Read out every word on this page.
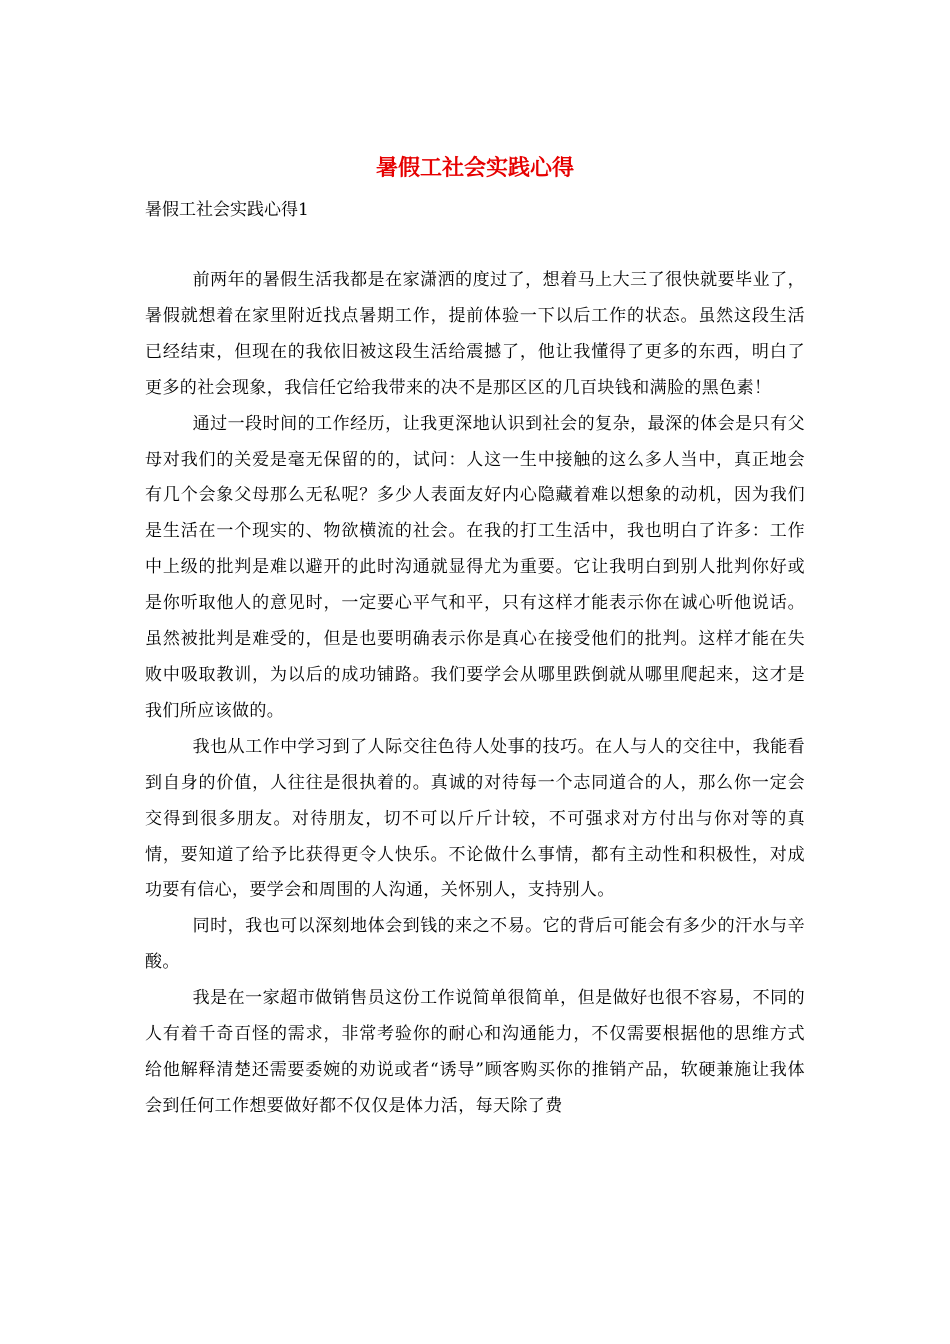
暑假工社会实践心得

暑假工社会实践心得1

前两年的暑假生活我都是在家潇洒的度过了，想着马上大三了很快就要毕业了，暑假就想着在家里附近找点暑期工作，提前体验一下以后工作的状态。虽然这段生活已经结束，但现在的我依旧被这段生活给震撼了，他让我懂得了更多的东西，明白了更多的社会现象，我信任它给我带来的决不是那区区的几百块钱和满脸的黑色素！

通过一段时间的工作经历，让我更深地认识到社会的复杂，最深的体会是只有父母对我们的关爱是毫无保留的的，试问：人这一生中接触的这么多人当中，真正地会有几个会象父母那么无私呢？多少人表面友好内心隐藏着难以想象的动机，因为我们是生活在一个现实的、物欲横流的社会。在我的打工生活中，我也明白了许多：工作中上级的批判是难以避开的此时沟通就显得尤为重要。它让我明白到别人批判你好或是你听取他人的意见时，一定要心平气和平，只有这样才能表示你在诚心听他说话。虽然被批判是难受的，但是也要明确表示你是真心在接受他们的批判。这样才能在失败中吸取教训，为以后的成功铺路。我们要学会从哪里跌倒就从哪里爬起来，这才是我们所应该做的。

我也从工作中学习到了人际交往色待人处事的技巧。在人与人的交往中，我能看到自身的价值，人往往是很执着的。真诚的对待每一个志同道合的人，那么你一定会交得到很多朋友。对待朋友，切不可以斤斤计较，不可强求对方付出与你对等的真情，要知道了给予比获得更令人快乐。不论做什么事情，都有主动性和积极性，对成功要有信心，要学会和周围的人沟通，关怀别人，支持别人。

同时，我也可以深刻地体会到钱的来之不易。它的背后可能会有多少的汗水与辛酸。

我是在一家超市做销售员这份工作说简单很简单，但是做好也很不容易，不同的人有着千奇百怪的需求，非常考验你的耐心和沟通能力，不仅需要根据他的思维方式给他解释清楚还需要委婉的劝说或者“诱导”顾客购买你的推销产品，软硬兼施让我体会到任何工作想要做好都不仅仅是体力活，每天除了费
